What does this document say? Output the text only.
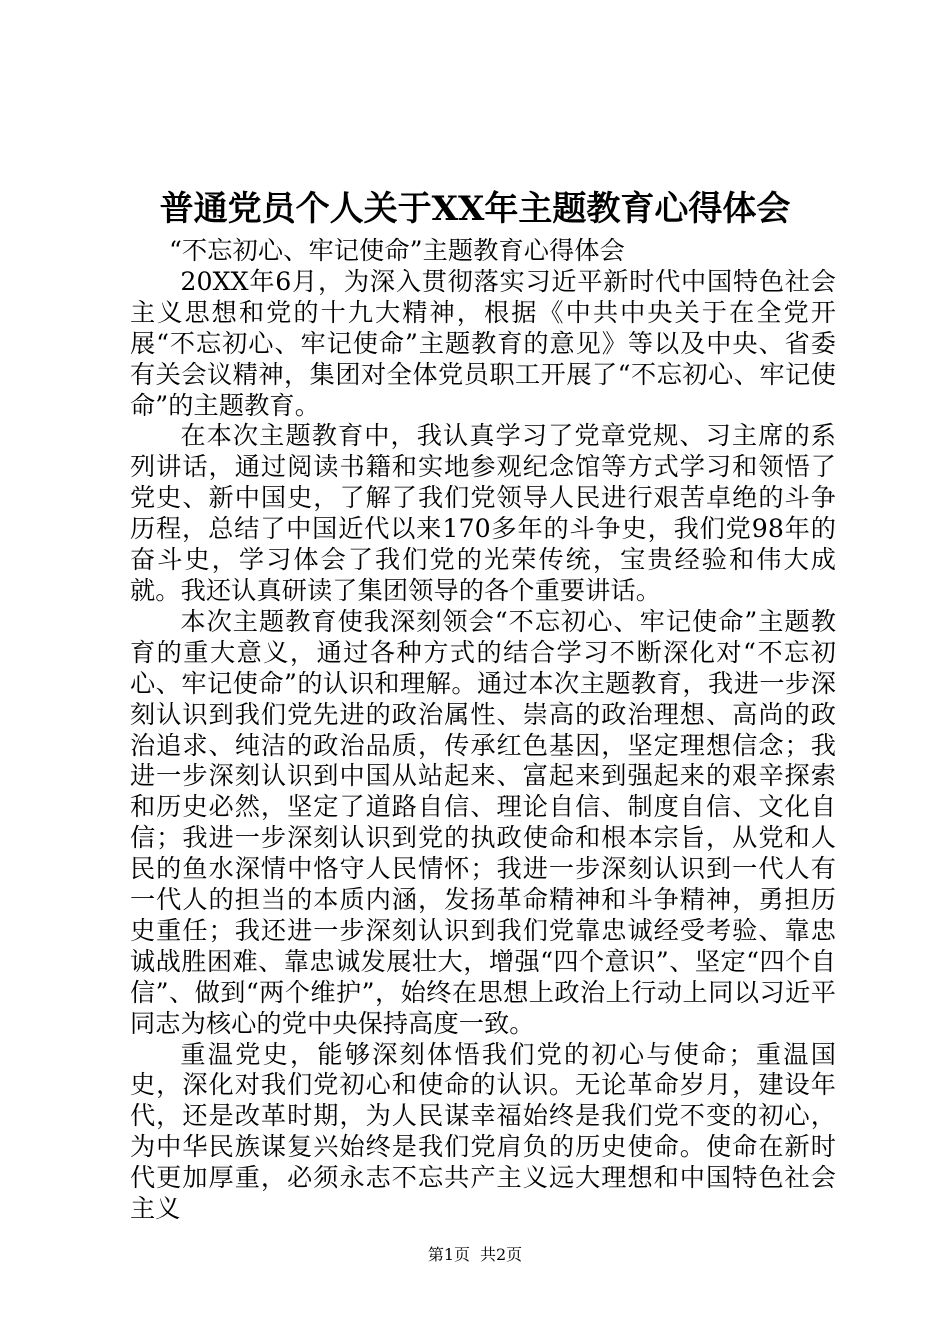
普通党员个人关于XX年主题教育心得体会

“不忘初心、牢记使命”主题教育心得体会

20XX年6月，为深入贯彻落实习近平新时代中国特色社会主义思想和党的十九大精神，根据《中共中央关于在全党开展“不忘初心、牢记使命”主题教育的意见》等以及中央、省委有关会议精神，集团对全体党员职工开展了“不忘初心、牢记使命”的主题教育。

在本次主题教育中，我认真学习了党章党规、习主席的系列讲话，通过阅读书籍和实地参观纪念馆等方式学习和领悟了党史、新中国史，了解了我们党领导人民进行艰苦卓绝的斗争历程，总结了中国近代以来170多年的斗争史，我们党98年的奋斗史，学习体会了我们党的光荣传统，宝贵经验和伟大成就。我还认真研读了集团领导的各个重要讲话。

本次主题教育使我深刻领会“不忘初心、牢记使命”主题教育的重大意义，通过各种方式的结合学习不断深化对“不忘初心、牢记使命”的认识和理解。通过本次主题教育，我进一步深刻认识到我们党先进的政治属性、崇高的政治理想、高尚的政治追求、纯洁的政治品质，传承红色基因，坚定理想信念；我进一步深刻认识到中国从站起来、富起来到强起来的艰辛探索和历史必然，坚定了道路自信、理论自信、制度自信、文化自信；我进一步深刻认识到党的执政使命和根本宗旨，从党和人民的鱼水深情中恪守人民情怀；我进一步深刻认识到一代人有一代人的担当的本质内涵，发扬革命精神和斗争精神，勇担历史重任；我还进一步深刻认识到我们党靠忠诚经受考验、靠忠诚战胜困难、靠忠诚发展壮大，增强“四个意识”、坚定“四个自信”、做到“两个维护”，始终在思想上政治上行动上同以习近平同志为核心的党中央保持高度一致。

重温党史，能够深刻体悟我们党的初心与使命；重温国史，深化对我们党初心和使命的认识。无论革命岁月，建设年代，还是改革时期，为人民谋幸福始终是我们党不变的初心，为中华民族谋复兴始终是我们党肩负的历史使命。使命在新时代更加厚重，必须永志不忘共产主义远大理想和中国特色社会主义

第1页 共2页
